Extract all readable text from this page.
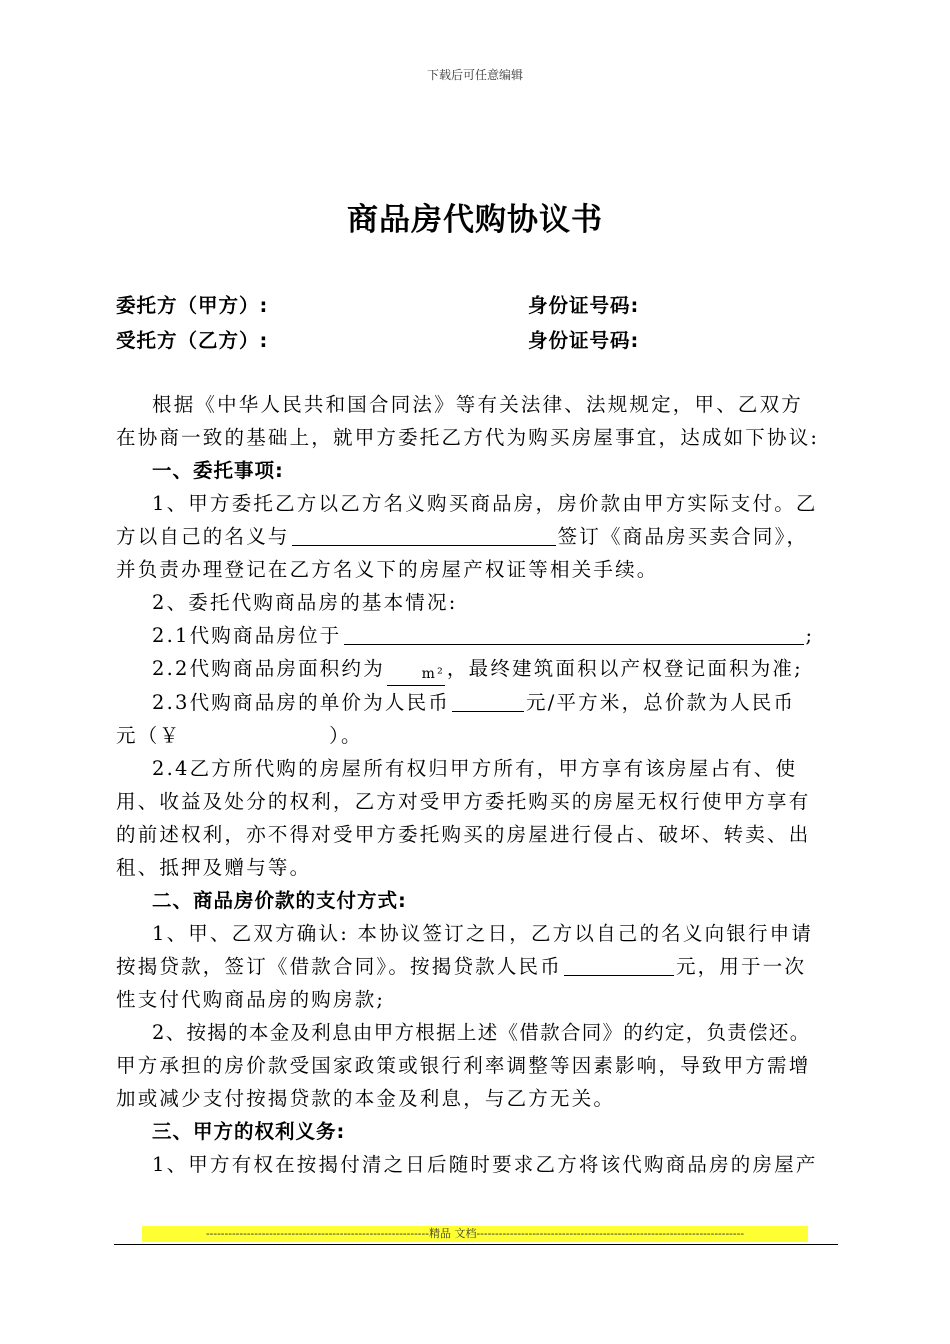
下载后可任意编辑
商品房代购协议书
委托方（甲方）:	身份证号码:
受托方（乙方）:	身份证号码:

根据《中华人民共和国合同法》等有关法律、法规规定，甲、乙双方

在协商一致的基础上，就甲方委托乙方代为购买房屋事宜，达成如下协议:

一、委托事项:

1、甲方委托乙方以乙方名义购买商品房，房价款由甲方实际支付。乙

方以自己的名义与	签订《商品房买卖合同》，

并负责办理登记在乙方名义下的房屋产权证等相关手续。

2、委托代购商品房的基本情况:

2.1代购商品房位于	;

2.2代购商品房面积约为	m² ，最终建筑面积以产权登记面积为准;

2.3代购商品房的单价为人民币	元/平方米，总价款为人民币

元（￥	）。

2.4乙方所代购的房屋所有权归甲方所有，甲方享有该房屋占有、使

用、收益及处分的权利，乙方对受甲方委托购买的房屋无权行使甲方享有

的前述权利，亦不得对受甲方委托购买的房屋进行侵占、破坏、转卖、出

租、抵押及赠与等。

二、商品房价款的支付方式:

1、甲、乙双方确认: 本协议签订之日，乙方以自己的名义向银行申请

按揭贷款，签订《借款合同》。按揭贷款人民币	元，用于一次

性支付代购商品房的购房款;

2、按揭的本金及利息由甲方根据上述《借款合同》的约定，负责偿还。

甲方承担的房价款受国家政策或银行利率调整等因素影响，导致甲方需增

加或减少支付按揭贷款的本金及利息，与乙方无关。

三、甲方的权利义务:

1、甲方有权在按揭付清之日后随时要求乙方将该代购商品房的房屋产

------------------------------------------------------------精品 文档------------------------------------------------------------------------
